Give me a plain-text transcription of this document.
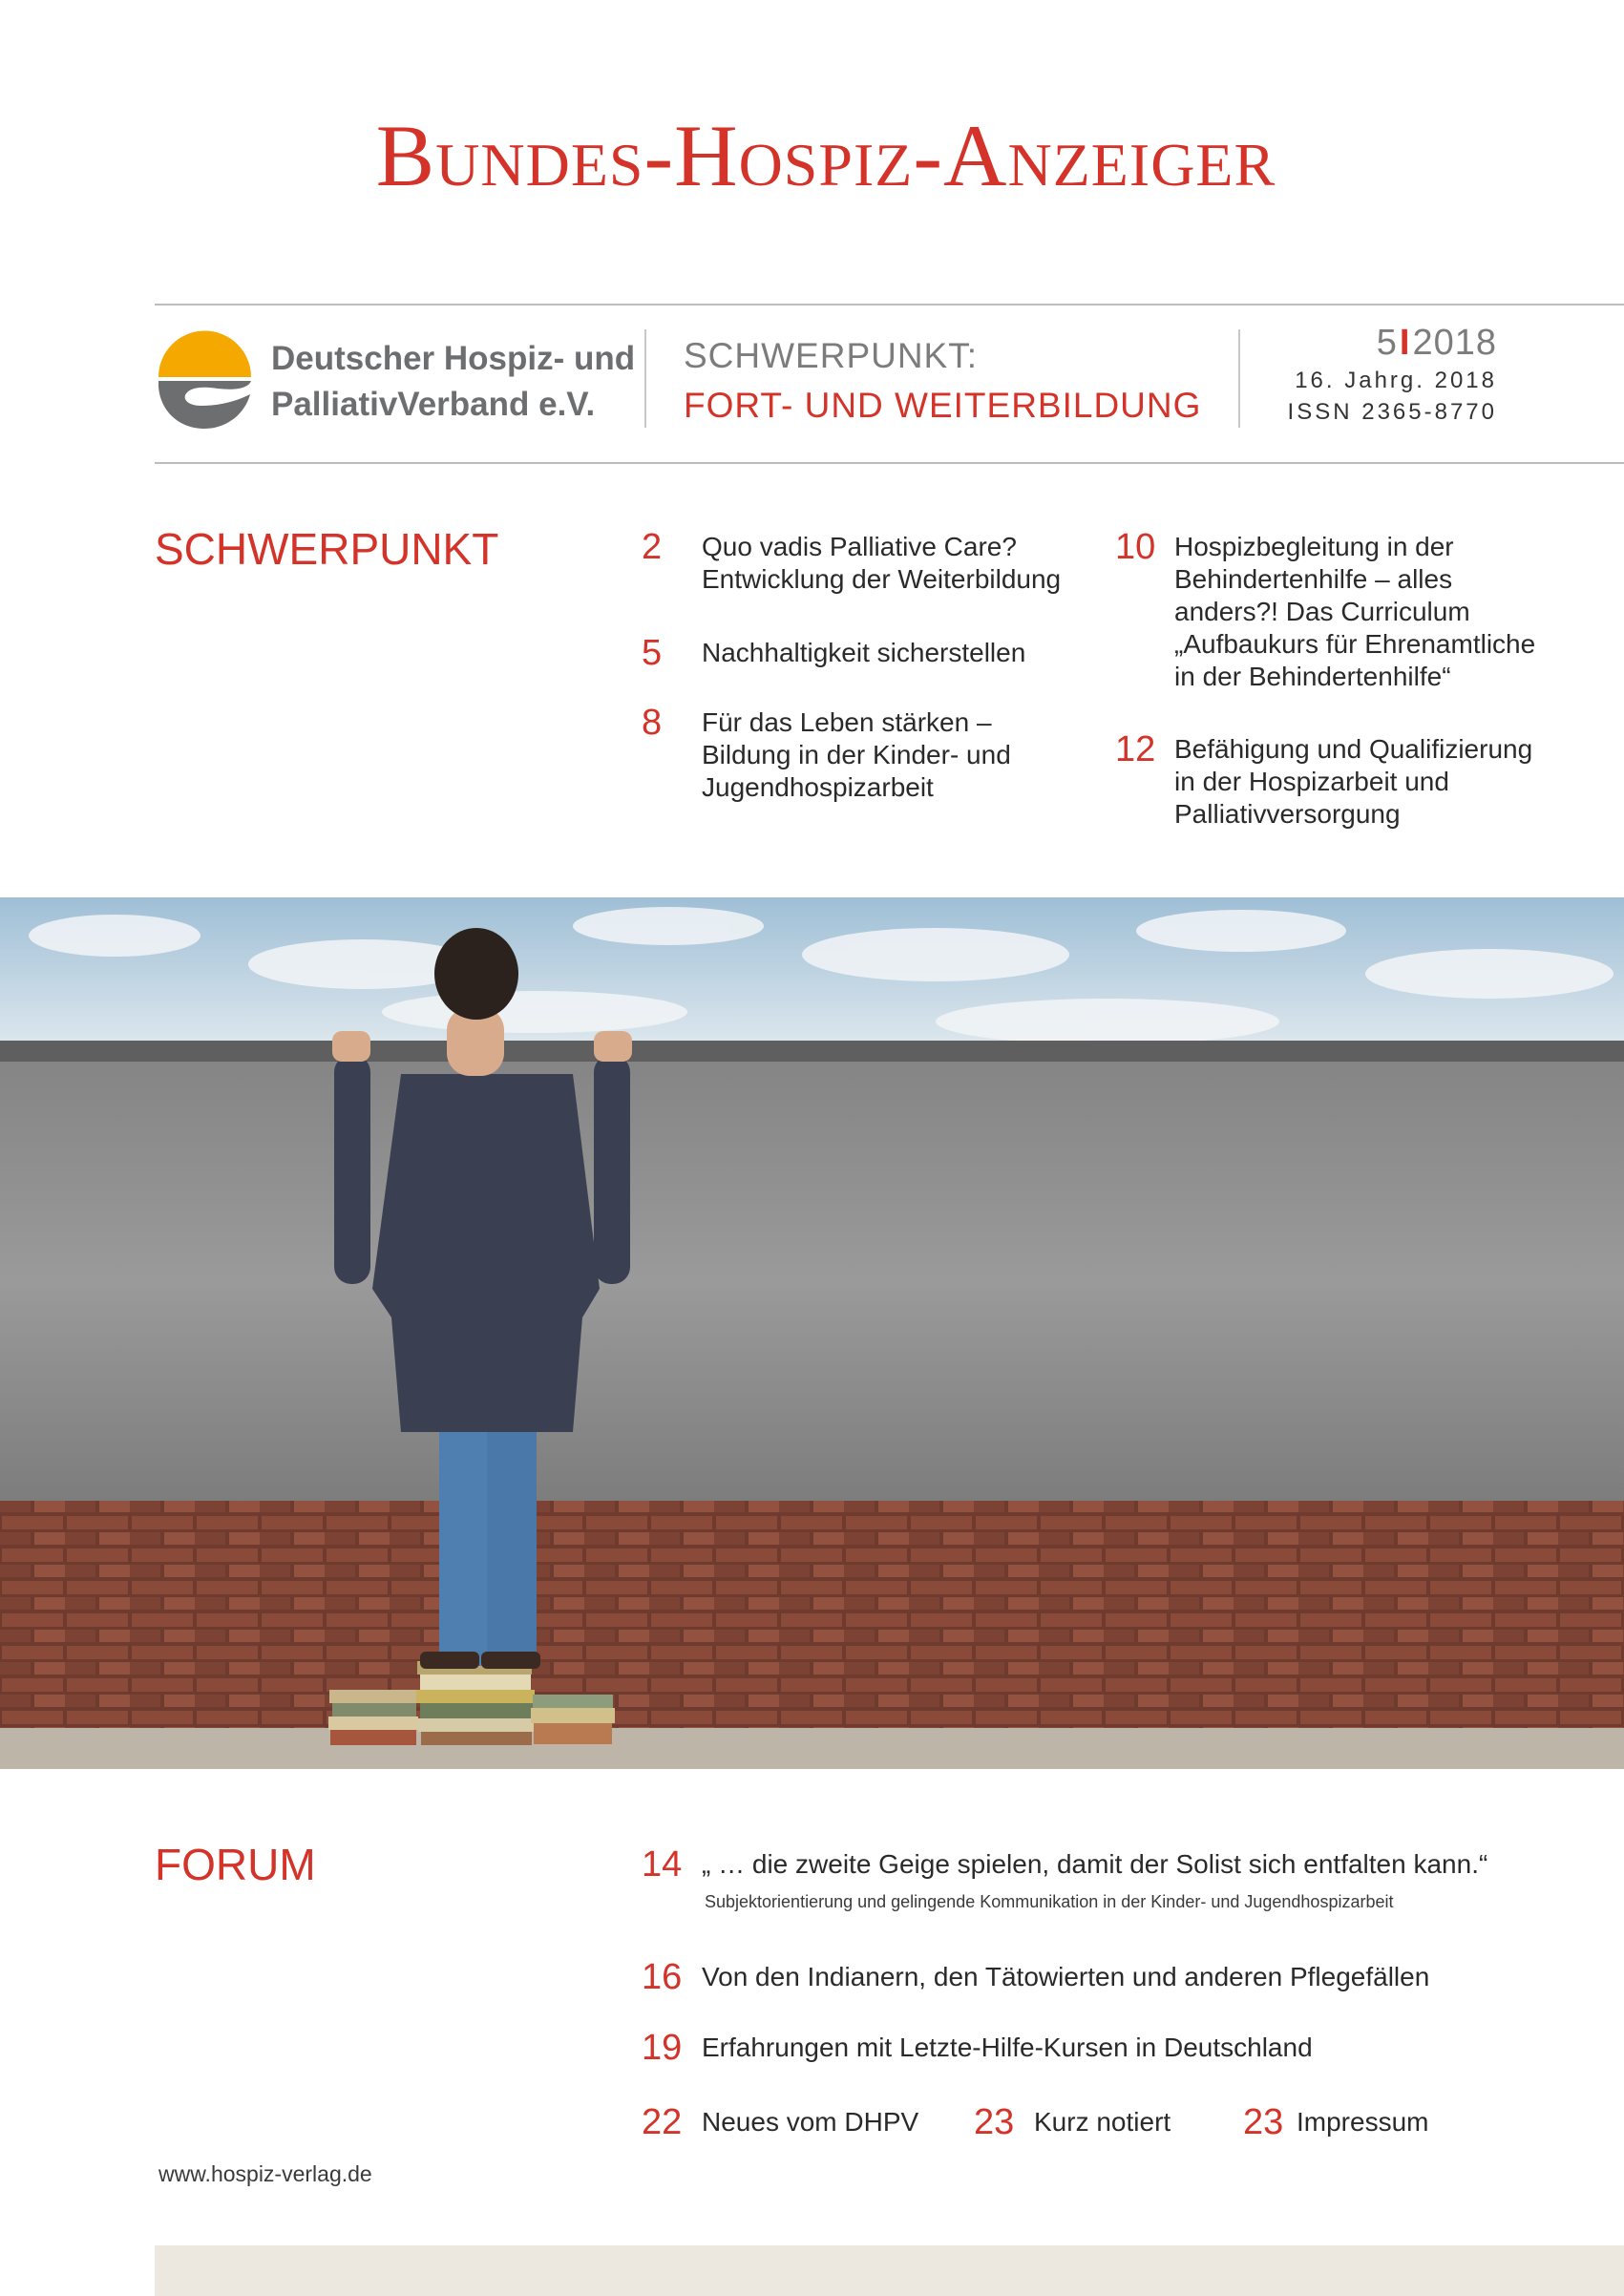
Bundes-Hospiz-Anzeiger
Deutscher Hospiz- und
PalliativVerband e.V.
SCHWERPUNKT:
FORT- UND WEITERBILDUNG
5I2018
16. Jahrg. 2018
ISSN 2365-8770
SCHWERPUNKT	2 Quo vadis Palliative Care?
Entwicklung der Weiterbildung
5 Nachhaltigkeit sicherstellen
8 Für das Leben stärken –
Bildung in der Kinder- und
Jugendhospizarbeit
10 Hospizbegleitung in der
Behindertenhilfe – alles
anders?! Das Curriculum
„Aufbaukurs für Ehrenamtliche
in der Behindertenhilfe“
12 Befähigung und Qualifizierung
in der Hospizarbeit und
Palliativversorgung
FORUM	14 „ … die zweite Geige spielen, damit der Solist sich entfalten kann.“
Subjektorientierung und gelingende Kommunikation in der Kinder- und Jugendhospizarbeit
16 Von den Indianern, den Tätowierten und anderen Pflegefällen
19 Erfahrungen mit Letzte-Hilfe-Kursen in Deutschland
22 Neues vom DHPV 23 Kurz notiert 23 Impressum
www.hospiz-verlag.de
